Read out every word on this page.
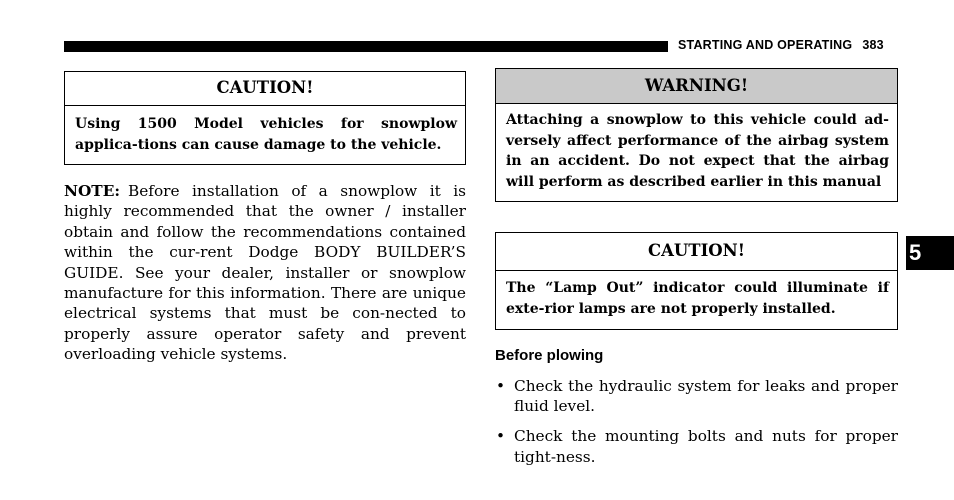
STARTING AND OPERATING 383
CAUTION!
Using 1500 Model vehicles for snowplow applica-tions can cause damage to the vehicle.
NOTE: Before installation of a snowplow it is highly recommended that the owner / installer obtain and follow the recommendations contained within the cur-rent Dodge BODY BUILDER’S GUIDE. See your dealer, installer or snowplow manufacture for this information. There are unique electrical systems that must be con-nected to properly assure operator safety and prevent overloading vehicle systems.
WARNING!
Attaching a snowplow to this vehicle could ad-versely affect performance of the airbag system in an accident. Do not expect that the airbag will perform as described earlier in this manual
CAUTION!
The “Lamp Out” indicator could illuminate if exte-rior lamps are not properly installed.
Before plowing
• Check the hydraulic system for leaks and proper fluid level.
• Check the mounting bolts and nuts for proper tight-ness.
5
